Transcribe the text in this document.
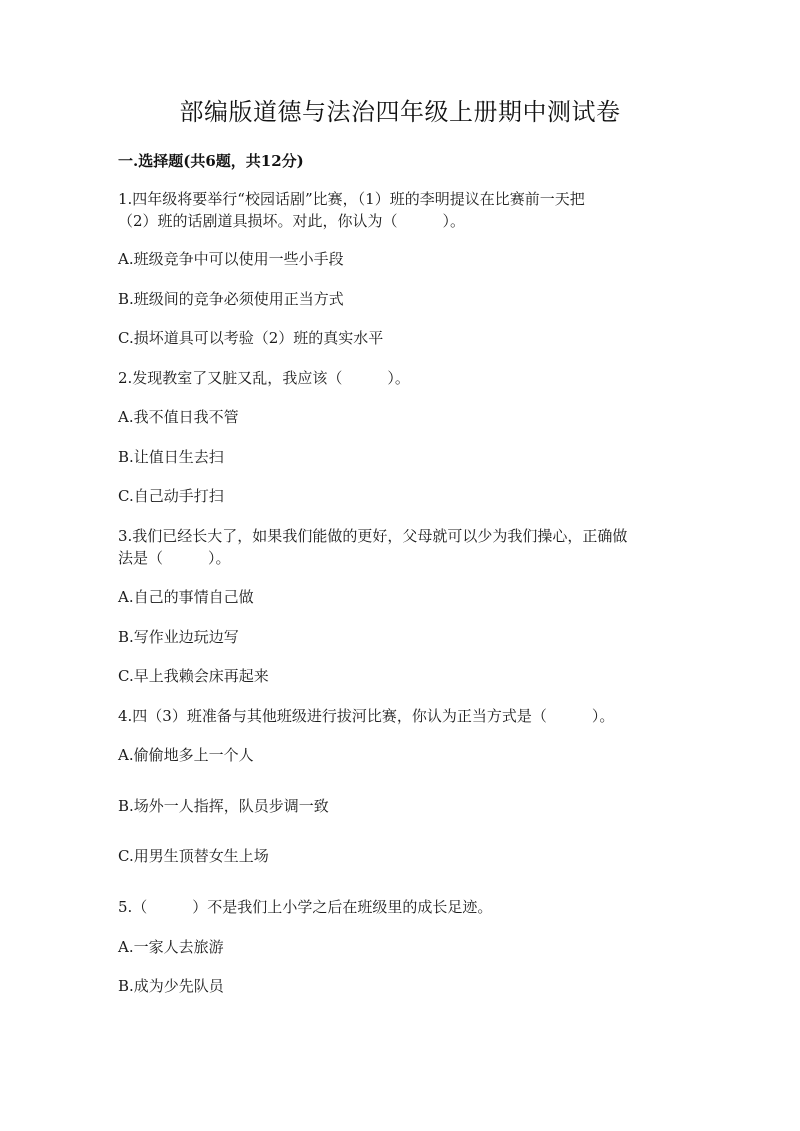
部编版道德与法治四年级上册期中测试卷
一.选择题(共6题，共12分)
1.四年级将要举行“校园话剧”比赛，（1）班的李明提议在比赛前一天把
（2）班的话剧道具损坏。对此，你认为（　　　）。
A.班级竞争中可以使用一些小手段
B.班级间的竞争必须使用正当方式
C.损坏道具可以考验（2）班的真实水平
2.发现教室了又脏又乱，我应该（　　　）。
A.我不值日我不管
B.让值日生去扫
C.自己动手打扫
3.我们已经长大了，如果我们能做的更好，父母就可以少为我们操心，正确做
法是（　　　）。
A.自己的事情自己做
B.写作业边玩边写
C.早上我赖会床再起来
4.四（3）班准备与其他班级进行拔河比赛，你认为正当方式是（　　　）。
A.偷偷地多上一个人
B.场外一人指挥，队员步调一致
C.用男生顶替女生上场
5.（　　　）不是我们上小学之后在班级里的成长足迹。
A.一家人去旅游
B.成为少先队员
